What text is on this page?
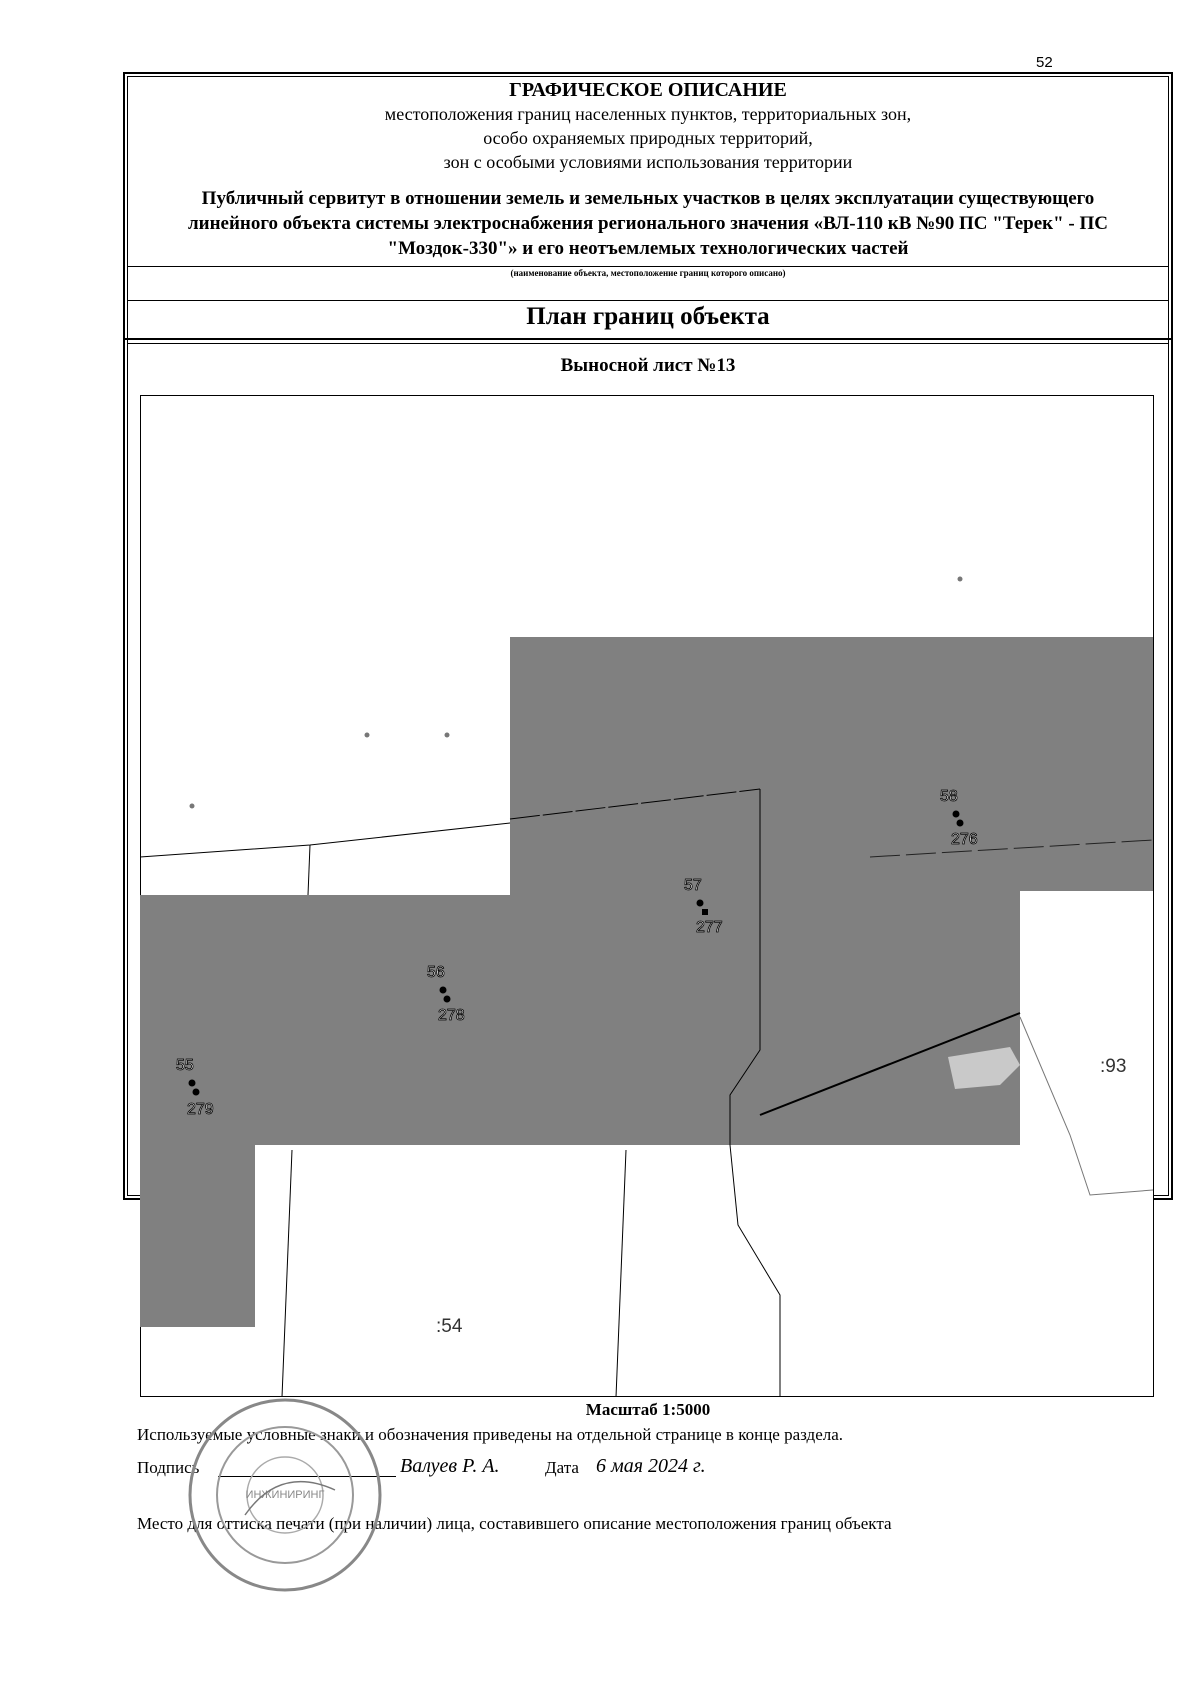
52
ГРАФИЧЕСКОЕ ОПИСАНИЕ
местоположения границ населенных пунктов, территориальных зон,
особо охраняемых природных территорий,
зон с особыми условиями использования территории
Публичный сервитут в отношении земель и земельных участков в целях эксплуатации существующего линейного объекта системы электроснабжения регионального значения «ВЛ-110 кВ №90 ПС "Терек" - ПС "Моздок-330"» и его неотъемлемых технологических частей
(наименование объекта, местоположение границ которого описано)
План границ объекта
Выносной лист №13
55
279
56
278
57
277
58
276
:93
:54
Масштаб 1:5000
Используемые условные знаки и обозначения приведены на отдельной странице в конце раздела.
Подпись	Валуев Р. А.	Дата 6 мая 2024 г.
Место для оттиска печати (при наличии) лица, составившего описание местоположения границ объекта
ИНЖИНИРИНГ
